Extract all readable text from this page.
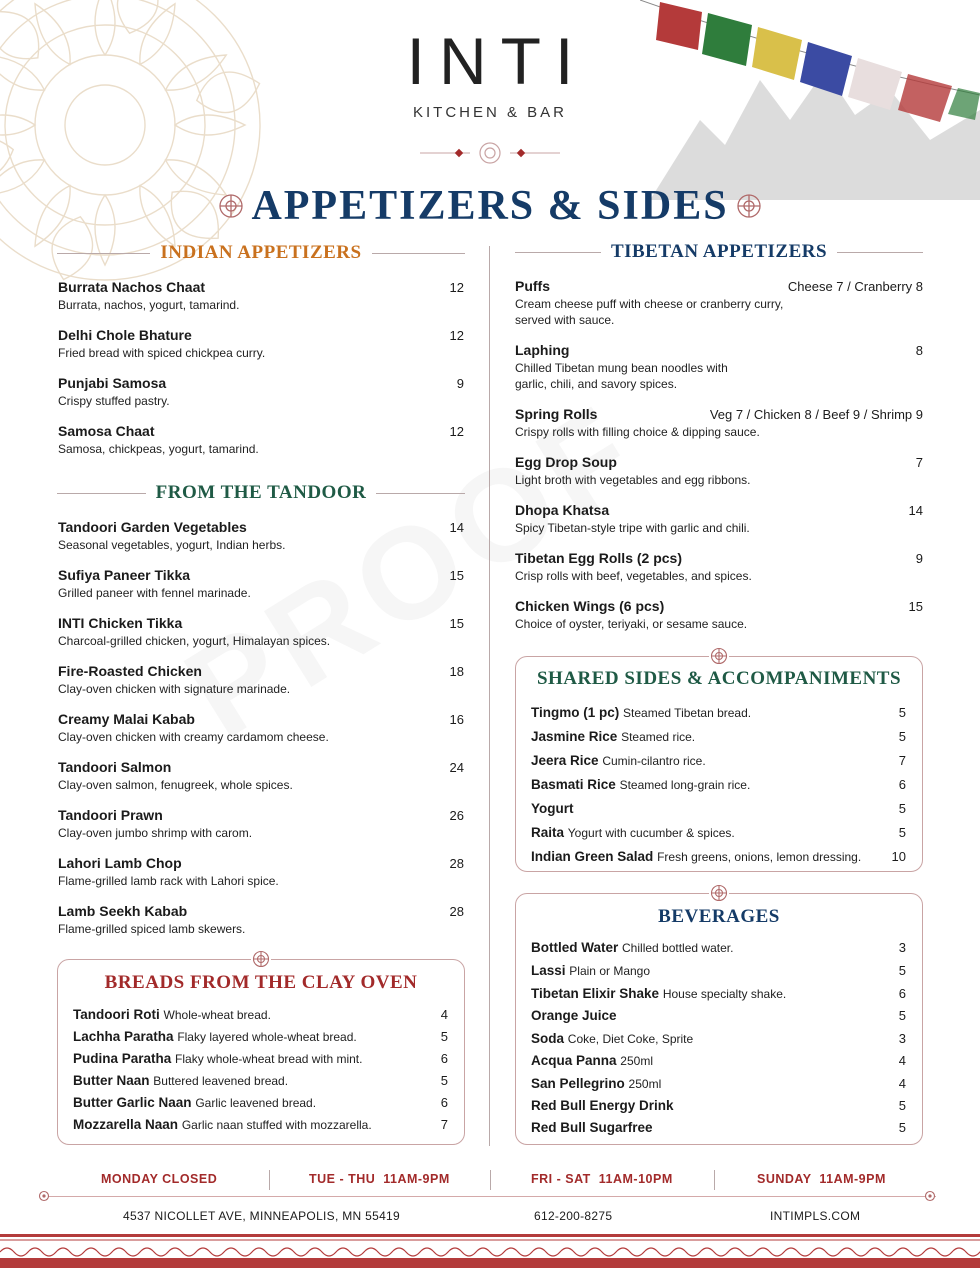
INTI
KITCHEN & BAR
APPETIZERS & SIDES
INDIAN APPETIZERS
Burrata Nachos Chaat	12
Burrata, nachos, yogurt, tamarind.
Delhi Chole Bhature	12
Fried bread with spiced chickpea curry.
Punjabi Samosa	9
Crispy stuffed pastry.
Samosa Chaat	12
Samosa, chickpeas, yogurt, tamarind.
FROM THE TANDOOR
Tandoori Garden Vegetables	14
Seasonal vegetables, yogurt, Indian herbs.
Sufiya Paneer Tikka	15
Grilled paneer with fennel marinade.
INTI Chicken Tikka	15
Charcoal-grilled chicken, yogurt, Himalayan spices.
Fire-Roasted Chicken	18
Clay-oven chicken with signature marinade.
Creamy Malai Kabab	16
Clay-oven chicken with creamy cardamom cheese.
Tandoori Salmon	24
Clay-oven salmon, fenugreek, whole spices.
Tandoori Prawn	26
Clay-oven jumbo shrimp with carom.
Lahori Lamb Chop	28
Flame-grilled lamb rack with Lahori spice.
Lamb Seekh Kabab	28
Flame-grilled spiced lamb skewers.
BREADS FROM THE CLAY OVEN
Tandoori Roti Whole-wheat bread.	4
Lachha Paratha Flaky layered whole-wheat bread.	5
Pudina Paratha Flaky whole-wheat bread with mint.	6
Butter Naan Buttered leavened bread.	5
Butter Garlic Naan Garlic leavened bread.	6
Mozzarella Naan Garlic naan stuffed with mozzarella.	7
TIBETAN APPETIZERS
Puffs	Cheese 7 / Cranberry 8
Cream cheese puff with cheese or cranberry curry,
served with sauce.
Laphing	8
Chilled Tibetan mung bean noodles with
garlic, chili, and savory spices.
Spring Rolls	Veg 7 / Chicken 8 / Beef 9 / Shrimp 9
Crispy rolls with filling choice & dipping sauce.
Egg Drop Soup	7
Light broth with vegetables and egg ribbons.
Dhopa Khatsa	14
Spicy Tibetan-style tripe with garlic and chili.
Tibetan Egg Rolls (2 pcs)	9
Crisp rolls with beef, vegetables, and spices.
Chicken Wings (6 pcs)	15
Choice of oyster, teriyaki, or sesame sauce.
SHARED SIDES & ACCOMPANIMENTS
Tingmo (1 pc) Steamed Tibetan bread.	5
Jasmine Rice Steamed rice.	5
Jeera Rice Cumin-cilantro rice.	7
Basmati Rice Steamed long-grain rice.	6
Yogurt	5
Raita Yogurt with cucumber & spices.	5
Indian Green Salad Fresh greens, onions, lemon dressing. 10
BEVERAGES
Bottled Water Chilled bottled water.	3
Lassi Plain or Mango	5
Tibetan Elixir Shake House specialty shake.	6
Orange Juice	5
Soda Coke, Diet Coke, Sprite	3
Acqua Panna 250ml	4
San Pellegrino 250ml	4
Red Bull Energy Drink	5
Red Bull Sugarfree	5
MONDAY CLOSED	TUE - THU  11AM-9PM	FRI - SAT  11AM-10PM	SUNDAY  11AM-9PM
4537 NICOLLET AVE, MINNEAPOLIS, MN 55419	612-200-8275	INTIMPLS.COM
